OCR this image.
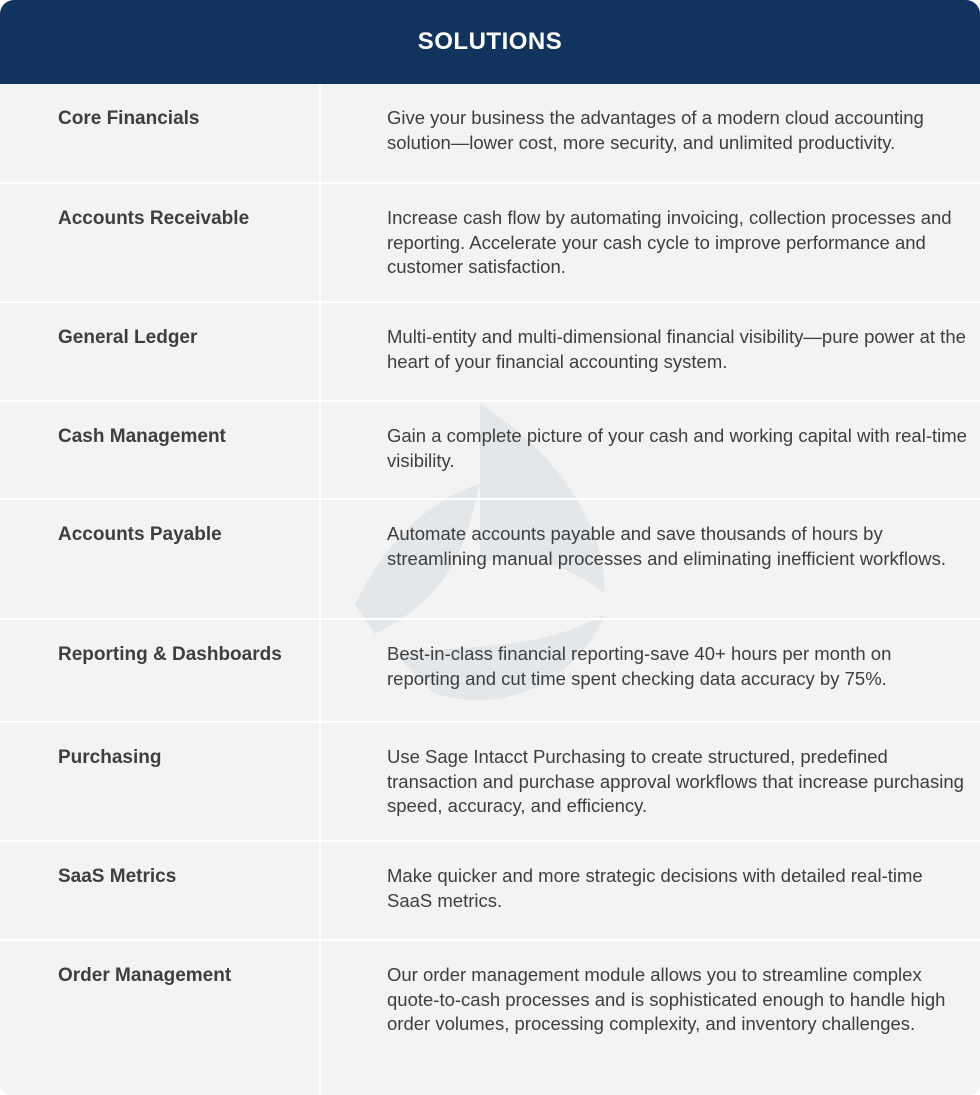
SOLUTIONS
Core Financials	Give your business the advantages of a modern cloud accounting solution—lower cost, more security, and unlimited productivity.
Accounts Receivable	Increase cash flow by automating invoicing, collection processes and reporting. Accelerate your cash cycle to improve performance and customer satisfaction.
General Ledger	Multi-entity and multi-dimensional financial visibility—pure power at the heart of your financial accounting system.
Cash Management	Gain a complete picture of your cash and working capital with real-time visibility.
Accounts Payable	Automate accounts payable and save thousands of hours by streamlining manual processes and eliminating inefficient workflows.
Reporting & Dashboards	Best-in-class financial reporting-save 40+ hours per month on reporting and cut time spent checking data accuracy by 75%.
Purchasing	Use Sage Intacct Purchasing to create structured, predefined transaction and purchase approval workflows that increase purchasing speed, accuracy, and efficiency.
SaaS Metrics	Make quicker and more strategic decisions with detailed real-time SaaS metrics.
Order Management	Our order management module allows you to streamline complex quote-to-cash processes and is sophisticated enough to handle high order volumes, processing complexity, and inventory challenges.
